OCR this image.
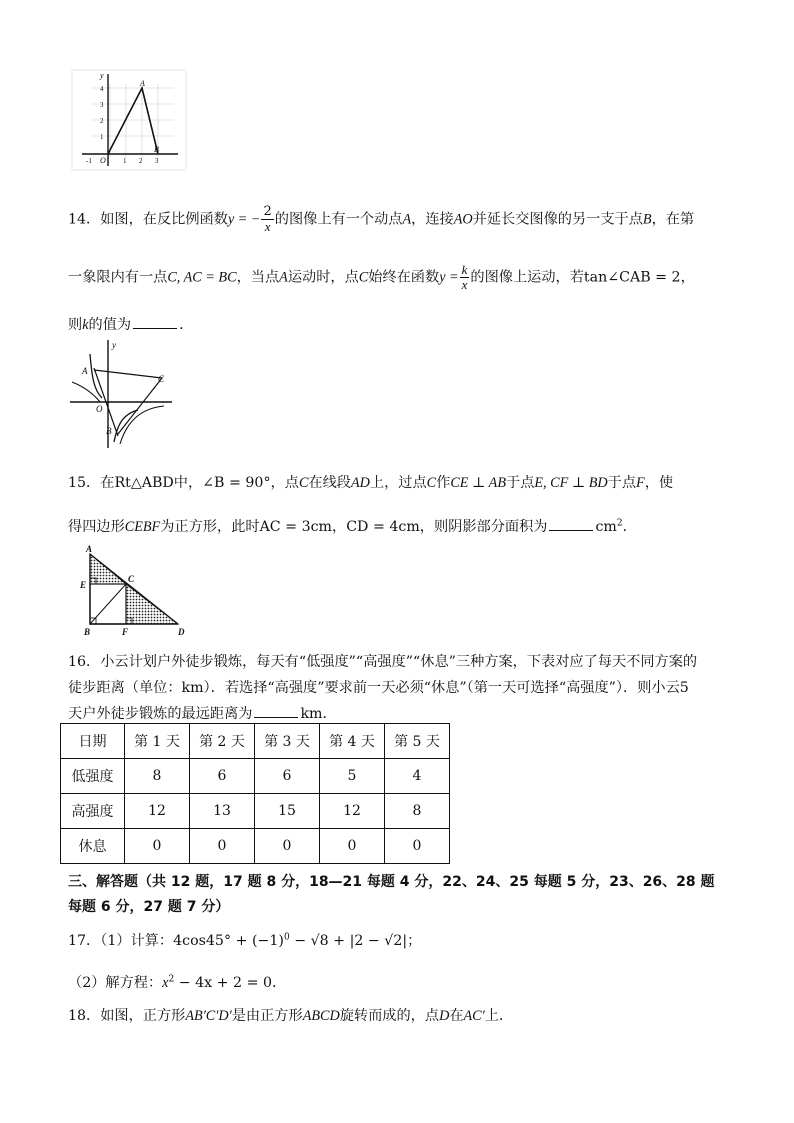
y
A
B
O
4
3
2
1
-1	1 2 3
14．如图，在反比例函数y = − $\frac{2}{x}$ 的图像上有一个动点A，连接AO并延长交图像的另一支于点B，在第
一象限内有一点C, AC = BC，当点A运动时，点C始终在函数$y = \frac{k}{x}$ 的图像上运动，若tan∠CAB = 2，
则k的值为	．
y
A
C
O
B
15．在Rt△ABD中，∠B = 90°，点C在线段AD上，过点C作CE ⊥ AB于点E, CF ⊥ BD于点F，使
得四边形CEBF为正方形，此时AC = 3cm，CD = 4cm，则阴影部分面积为	$cm^2$．
A
E
C
B	F	D
16．小云计划户外徒步锻炼，每天有“低强度”“高强度”“休息”三种方案，下表对应了每天不同方案的
徒步距离（单位：km）．若选择“高强度”要求前一天必须“休息”（第一天可选择“高强度”）．则小云5
天户外徒步锻炼的最远距离为	km．
日期	第 1 天	第 2 天	第 3 天	第 4 天	第 5 天
低强度	8	6	6	5	4
高强度	12	13	15	12	8
休息	0	0	0	0	0
三、解答题（共 12 题，17 题 8 分，18—21 每题 4 分，22、24、25 每题 5 分，23、26、28 题
每题 6 分，27 题 7 分）
17．（1）计算：$4\cos 45^\circ + (-1)^0 - √8 + |2 - √2|$；
（2）解方程：$x^2 - 4x + 2 = 0$．
18．如图，正方形AB′C′D′是由正方形ABCD旋转而成的，点D在AC′上．
